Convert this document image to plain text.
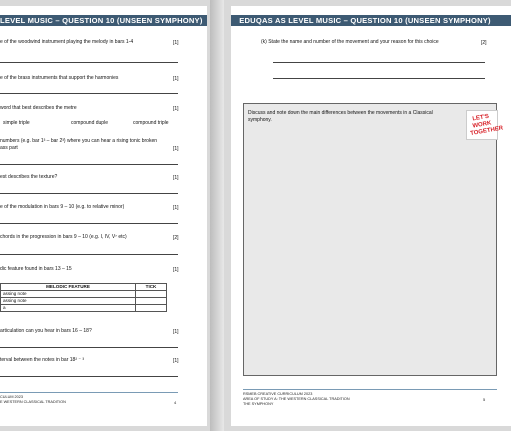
LEVEL MUSIC – QUESTION 10 (UNSEEN SYMPHONY)
e of the woodwind instrument playing the melody in bars 1-4	[1]
e of the brass instruments that support the harmonies	[1]
word that best describes the metre	[1]
simple triple	compound duple	compound triple
numbers (e.g. bar 1³ – bar 2³) where you can hear a rising tonic broken
ass part	[1]
est describes the texture?	[1]
e of the modulation in bars 9 – 10 (e.g. to relative minor)	[1]
chords in the progression in bars 9 – 10 (e.g. I, IV, V⁷ etc)	[2]
dic feature found in bars 13 – 15	[1]
MELODIC FEATURE	TICK
assing note	
assing note	
a	
articulation can you hear in bars 16 – 18?	[1]
terval between the notes in bar 18² ⁻ ³	[1]
CULUM 2023
E WESTERN CLASSICAL TRADITION	4
EDUQAS AS LEVEL MUSIC – QUESTION 10 (UNSEEN SYMPHONY)
(k) State the name and number of the movement and your reason for this choice	[2]
Discuss and note down the main differences between the movements in a Classical symphony.	LET'S WORK TOGETHER
RSMEB CREATIVE CURRICULUM 2023
AREA OF STUDY A: THE WESTERN CLASSICAL TRADITION
THE SYMPHONY
5
